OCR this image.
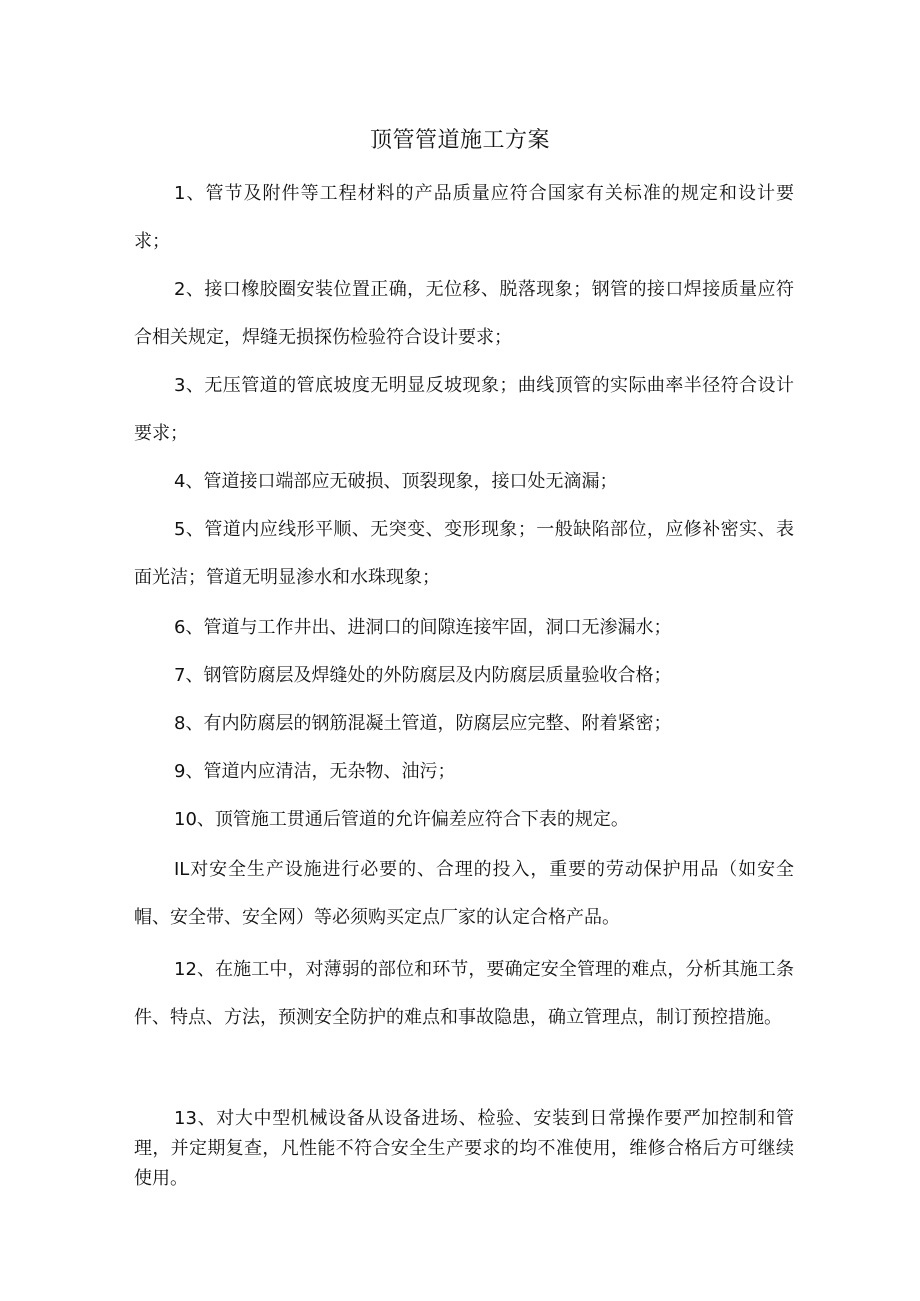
顶管管道施工方案

1、管节及附件等工程材料的产品质量应符合国家有关标准的规定和设计要求；

2、接口橡胶圈安装位置正确，无位移、脱落现象；钢管的接口焊接质量应符合相关规定，焊缝无损探伤检验符合设计要求；

3、无压管道的管底坡度无明显反坡现象；曲线顶管的实际曲率半径符合设计要求；

4、管道接口端部应无破损、顶裂现象，接口处无滴漏；

5、管道内应线形平顺、无突变、变形现象；一般缺陷部位，应修补密实、表面光洁；管道无明显渗水和水珠现象；

6、管道与工作井出、进洞口的间隙连接牢固，洞口无渗漏水；

7、钢管防腐层及焊缝处的外防腐层及内防腐层质量验收合格；

8、有内防腐层的钢筋混凝土管道，防腐层应完整、附着紧密；

9、管道内应清洁，无杂物、油污；

10、顶管施工贯通后管道的允许偏差应符合下表的规定。

IL对安全生产设施进行必要的、合理的投入，重要的劳动保护用品（如安全帽、安全带、安全网）等必须购买定点厂家的认定合格产品。

12、在施工中，对薄弱的部位和环节，要确定安全管理的难点，分析其施工条件、特点、方法，预测安全防护的难点和事故隐患，确立管理点，制订预控措施。

13、对大中型机械设备从设备进场、检验、安装到日常操作要严加控制和管理，并定期复查，凡性能不符合安全生产要求的均不准使用，维修合格后方可继续使用。
